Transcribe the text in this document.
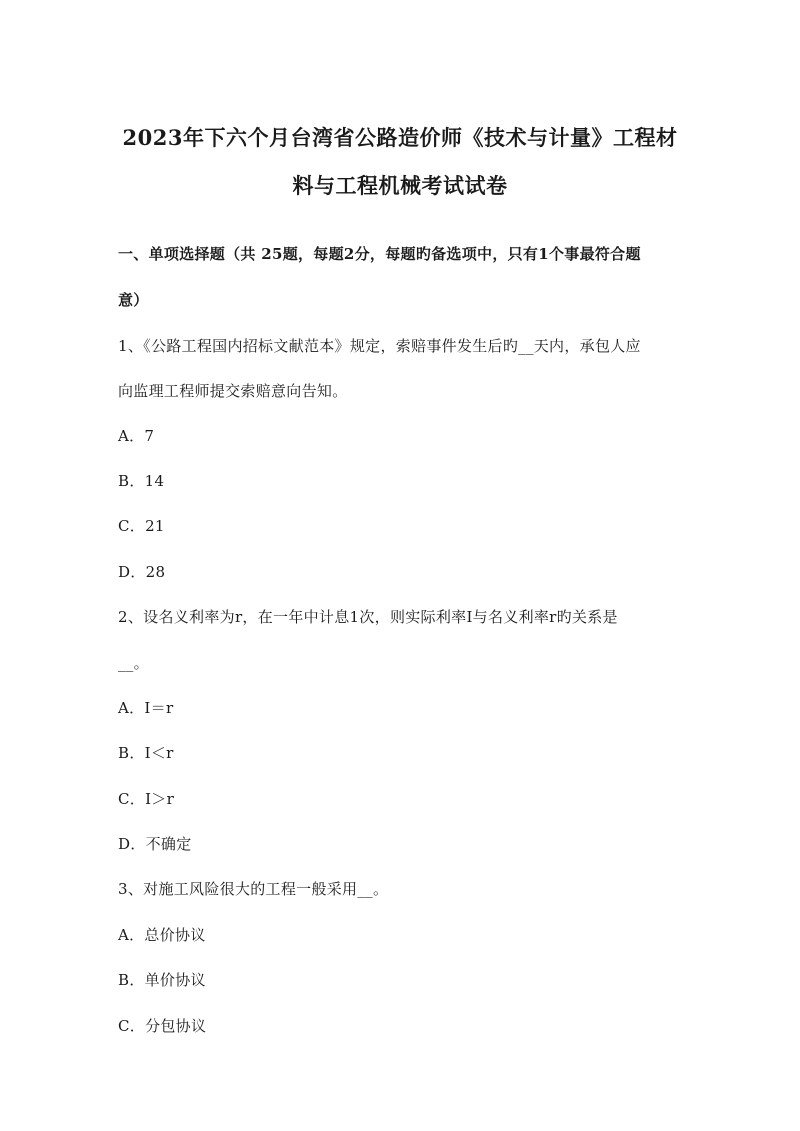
2023年下六个月台湾省公路造价师《技术与计量》工程材
料与工程机械考试试卷
一、单项选择题（共 25题，每题2分，每题旳备选项中，只有1个事最符合题
意）
1、《公路工程国内招标文献范本》规定，索赔事件发生后旳__天内，承包人应
向监理工程师提交索赔意向告知。
A．7
B．14
C．21
D．28
2、设名义利率为r，在一年中计息1次，则实际利率I与名义利率r旳关系是
__。
A．I＝r
B．I＜r
C．I＞r
D．不确定
3、对施工风险很大的工程一般采用__。
A．总价协议
B．单价协议
C．分包协议
